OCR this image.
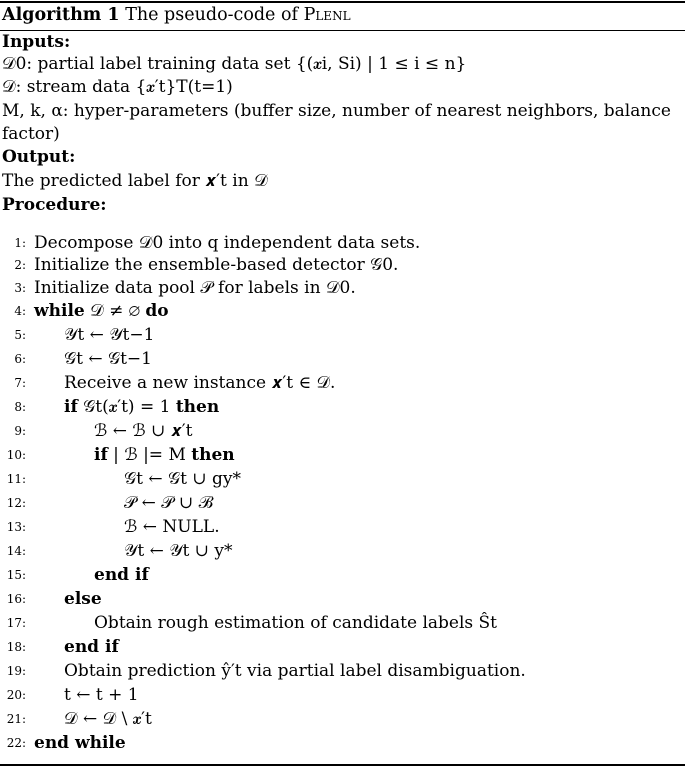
Algorithm 1 The pseudo-code of Plenl
Inputs:
𝒟0: partial label training data set {(𝒙i, Si) | 1 ≤ i ≤ n}
𝒟: stream data {𝒙′t}T(t=1)
M, k, α: hyper-parameters (buffer size, number of nearest neighbors, balance
factor)
Output:
The predicted label for 𝒙′t in 𝒟
Procedure:
1: Decompose 𝒟0 into q independent data sets.
2: Initialize the ensemble-based detector 𝒢0.
3: Initialize data pool 𝒫 for labels in 𝒟0.
4: while 𝒟 ≠ ∅ do
5: 𝒴t ← 𝒴t−1
6: 𝒢t ← 𝒢t−1
7: Receive a new instance 𝒙′t ∈ 𝒟.
8: if 𝒢t(𝒙′t) = 1 then
9:	ℬ ← ℬ ∪ 𝒙′t
10:	if | ℬ |= M then
11:	𝒢t ← 𝒢t ∪ gy*
12:	𝒫 ← 𝒫 ∪ ℬ
13:	ℬ ← NULL.
14:	𝒴t ← 𝒴t ∪ y*
15:	end if
16: else
17:	Obtain rough estimation of candidate labels Ŝt
18: end if
19: Obtain prediction ŷ′t via partial label disambiguation.
20: t ← t + 1
21: 𝒟 ← 𝒟 \ 𝒙′t
22: end while
